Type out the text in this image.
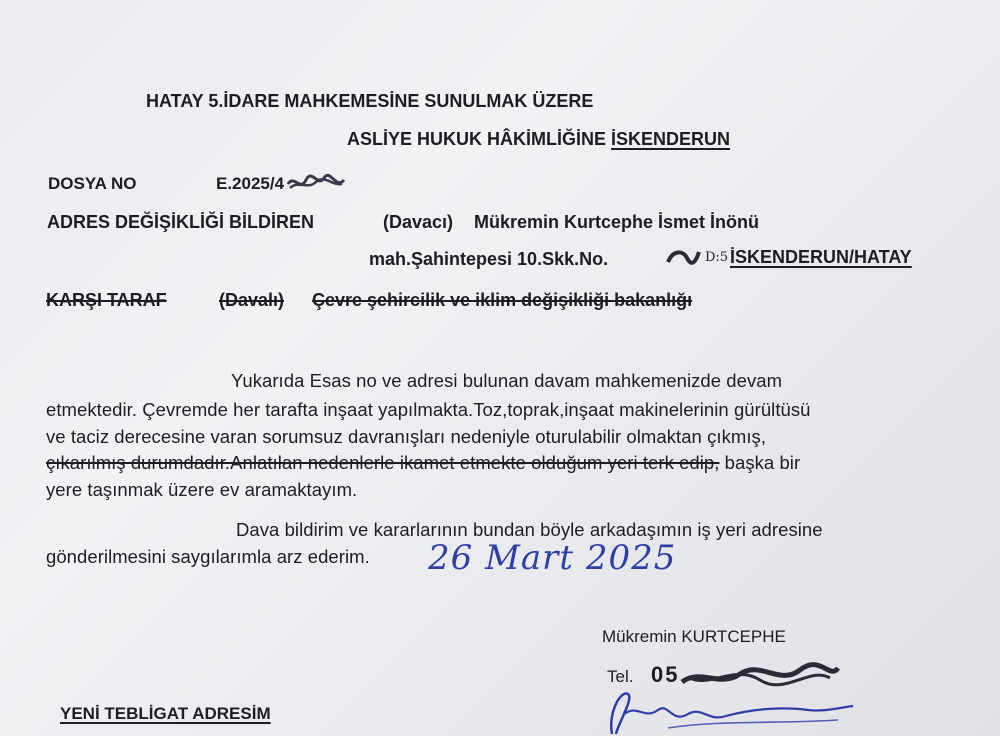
HATAY 5.İDARE MAHKEMESİNE SUNULMAK ÜZERE
ASLİYE HUKUK HÂKİMLİĞİNE İSKENDERUN
DOSYA NO	E.2025/4
ADRES DEĞİŞİKLİĞİ BİLDİREN	(Davacı) Mükremin Kurtcephe İsmet İnönü
mah.Şahintepesi 10.Skk.No.	D:5 İSKENDERUN/HATAY
KARŞI TARAF	(Davalı) Çevre şehircilik ve iklim değişikliği bakanlığı
Yukarıda Esas no ve adresi bulunan davam mahkemenizde devam
etmektedir. Çevremde her tarafta inşaat yapılmakta.Toz,toprak,inşaat makinelerinin gürültüsü
ve taciz derecesine varan sorumsuz davranışları nedeniyle oturulabilir olmaktan çıkmış,
çıkarılmış durumdadır.Anlatılan nedenlerle ikamet etmekte olduğum yeri terk edip, başka bir
yere taşınmak üzere ev aramaktayım.
Dava bildirim ve kararlarının bundan böyle arkadaşımın iş yeri adresine
gönderilmesini saygılarımla arz ederim. 26 Mart 2025
Mükremin KURTCEPHE
Tel. 05
YENİ TEBLİGAT ADRESİM
